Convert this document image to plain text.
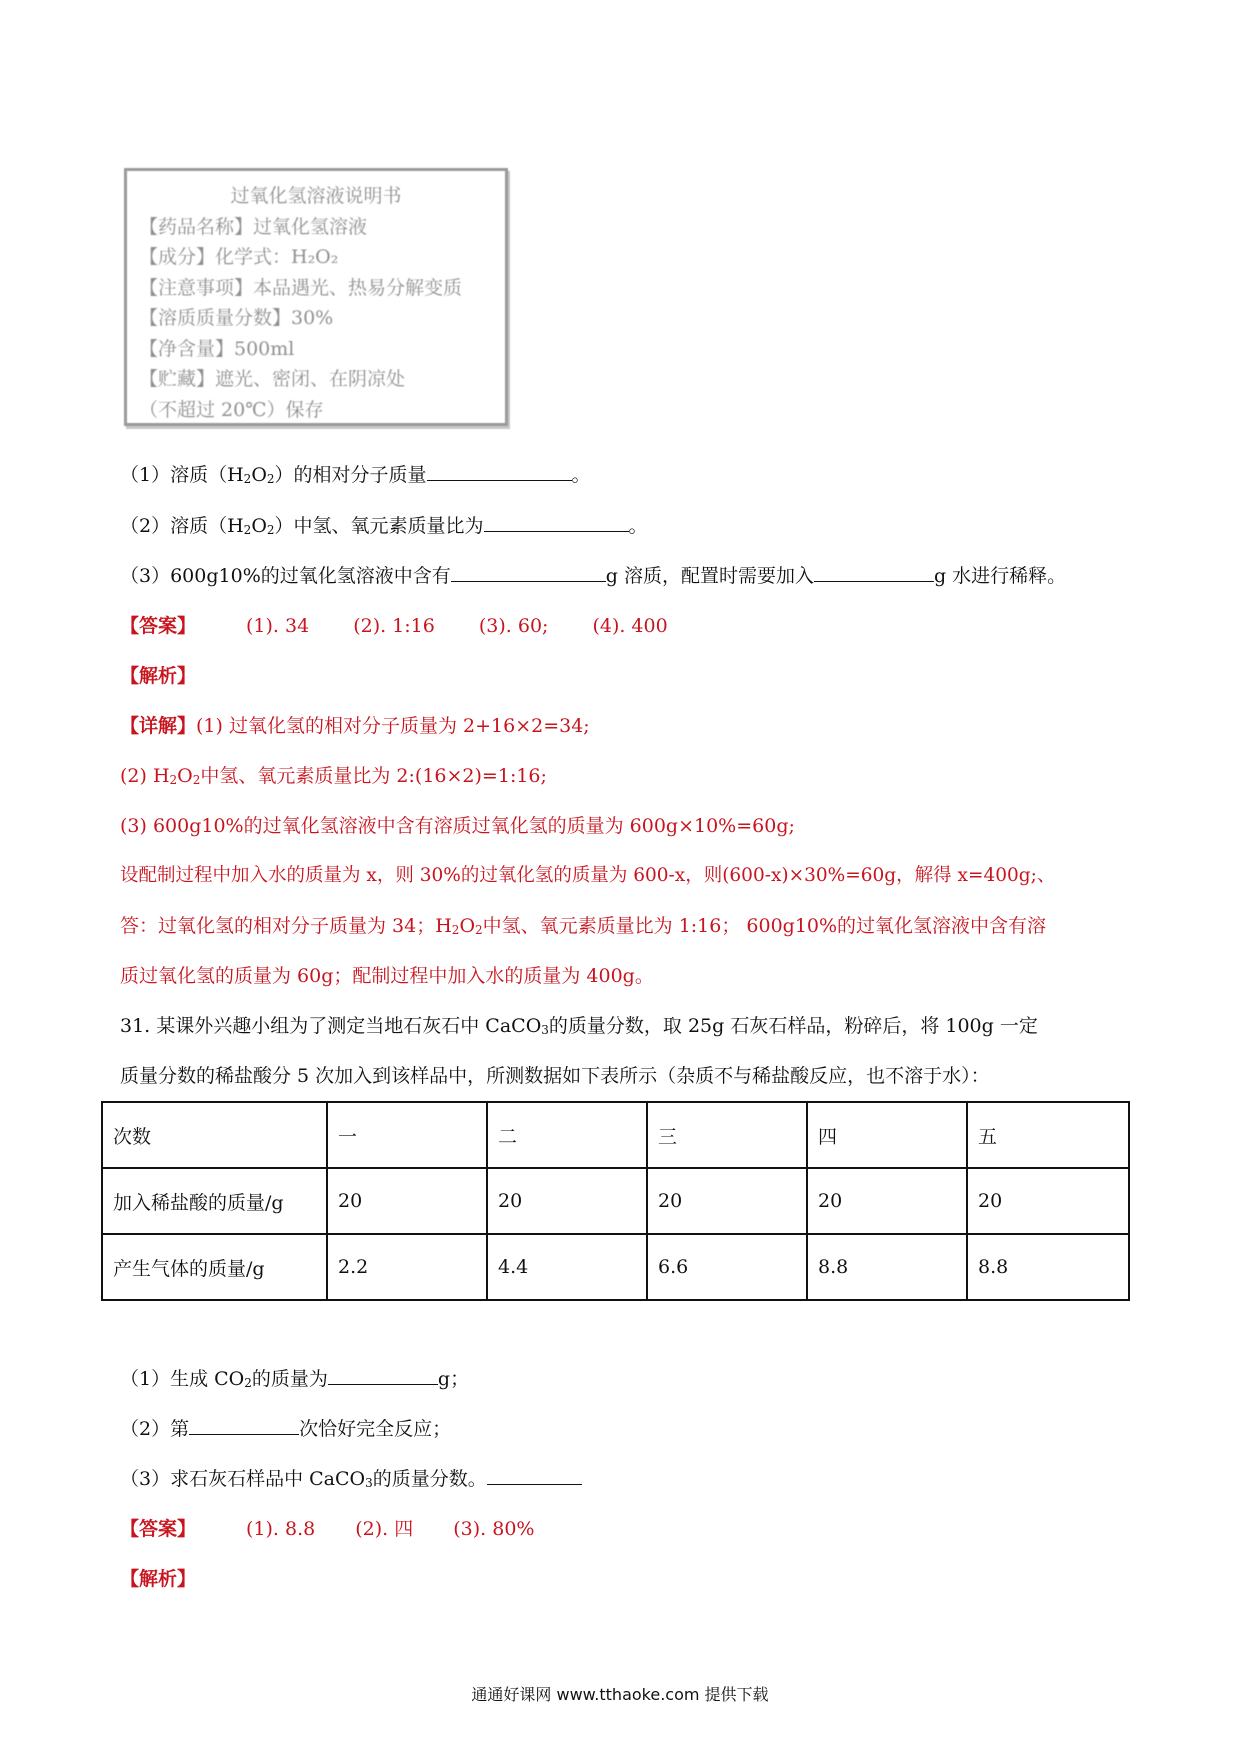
过氧化氢溶液说明书
【药品名称】过氧化氢溶液
【成分】化学式：H₂O₂
【注意事项】本品遇光、热易分解变质
【溶质质量分数】30%
【净含量】500ml
【贮藏】遮光、密闭、在阴凉处
（不超过 20℃）保存
（1）溶质$(H_2O_2)$的相对分子质量	。
（2）溶质$(H_2O_2)$中氢、氧元素质量比为	。
（3）600g10%的过氧化氢溶液中含有	g 溶质，配置时需要加入	g 水进行稀释。
【答案】	(1). 34 (2). 1:16 (3). 60; (4). 400
【解析】
【详解】(1) 过氧化氢的相对分子质量为 2+16×2=34;
(2) $H_2O_2$中氢、氧元素质量比为 2:(16×2)=1:16;
(3) 600g10%的过氧化氢溶液中含有溶质过氧化氢的质量为 600g×10%=60g;
设配制过程中加入水的质量为 x，则 30%的过氧化氢的质量为 600-x，则(600-x)×30%=60g，解得 x=400g;、
答：过氧化氢的相对分子质量为 34；$H_2O_2$中氢、氧元素质量比为 1:16； 600g10%的过氧化氢溶液中含有溶
质过氧化氢的质量为 60g；配制过程中加入水的质量为 400g。
31. 某课外兴趣小组为了测定当地石灰石中 CaCO$_3$的质量分数，取 25g 石灰石样品，粉碎后，将 100g 一定
质量分数的稀盐酸分 5 次加入到该样品中，所测数据如下表所示（杂质不与稀盐酸反应，也不溶于水）：
次数	一	二	三	四	五
加入稀盐酸的质量/g	20	20	20	20	20
产生气体的质量/g	2.2	4.4	6.6	8.8	8.8
（1）生成 $CO_2$的质量为	g；
（2）第	次恰好完全反应；
（3）求石灰石样品中 CaCO$_3$的质量分数。
【答案】	(1). 8.8 (2). 四 (3). 80%
【解析】
通通好课网 www.tthaoke.com 提供下载
